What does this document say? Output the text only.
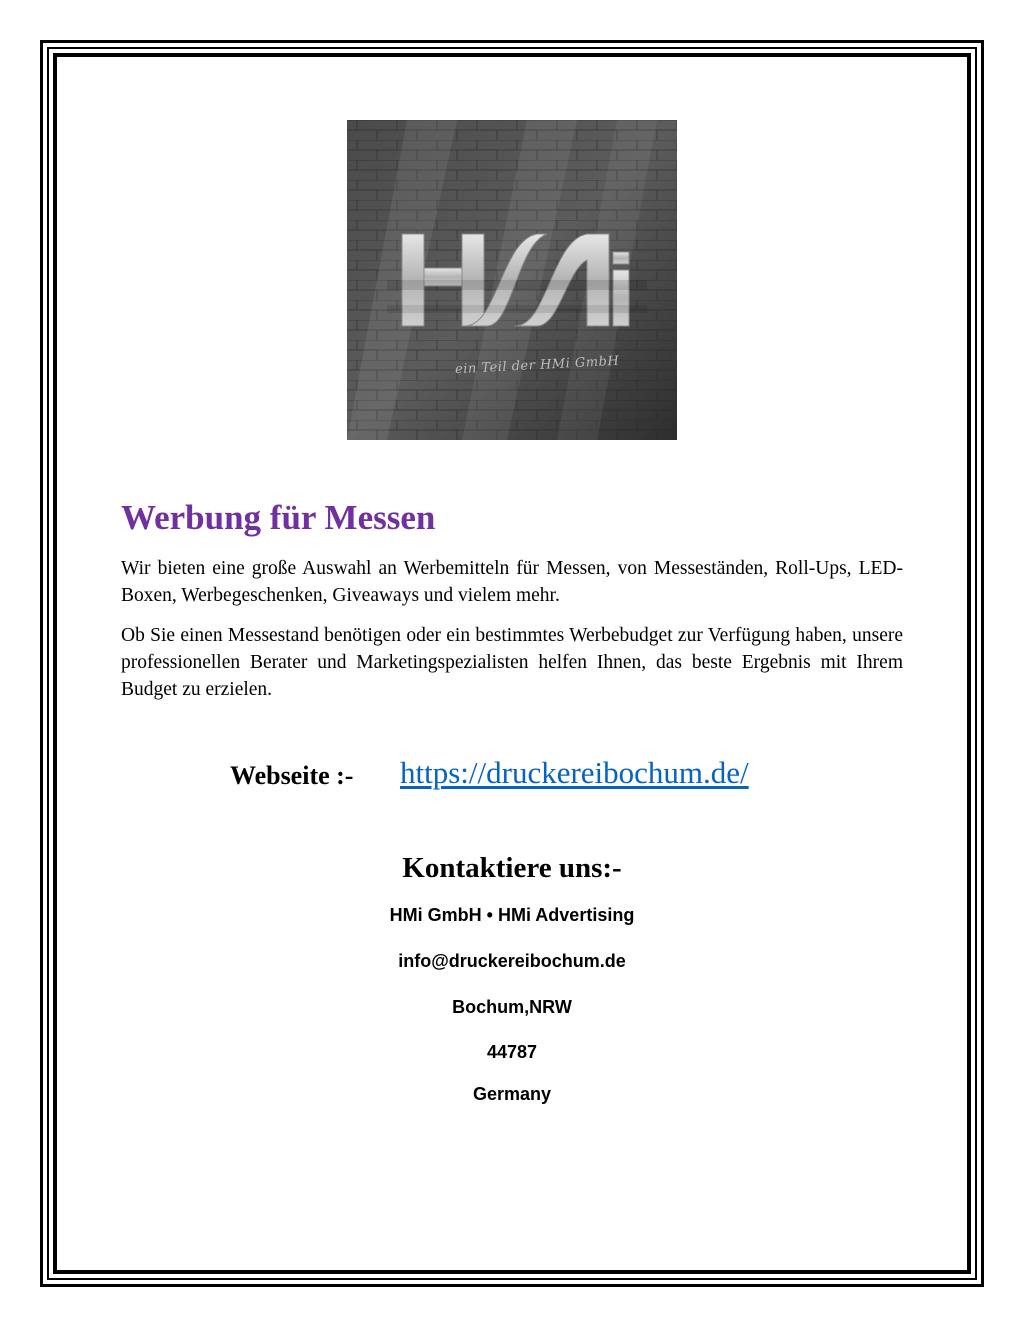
ein Teil der HMi GmbH
Werbung für Messen

Wir bieten eine große Auswahl an Werbemitteln für Messen, von Messeständen, Roll-Ups, LED-Boxen, Werbegeschenken, Giveaways und vielem mehr.

Ob Sie einen Messestand benötigen oder ein bestimmtes Werbebudget zur Verfügung haben, unsere professionellen Berater und Marketingspezialisten helfen Ihnen, das beste Ergebnis mit Ihrem Budget zu erzielen.

Webseite :- https://druckereibochum.de/
Kontaktiere uns:-
HMi GmbH • HMi Advertising
info@druckereibochum.de
Bochum,NRW
44787
Germany
